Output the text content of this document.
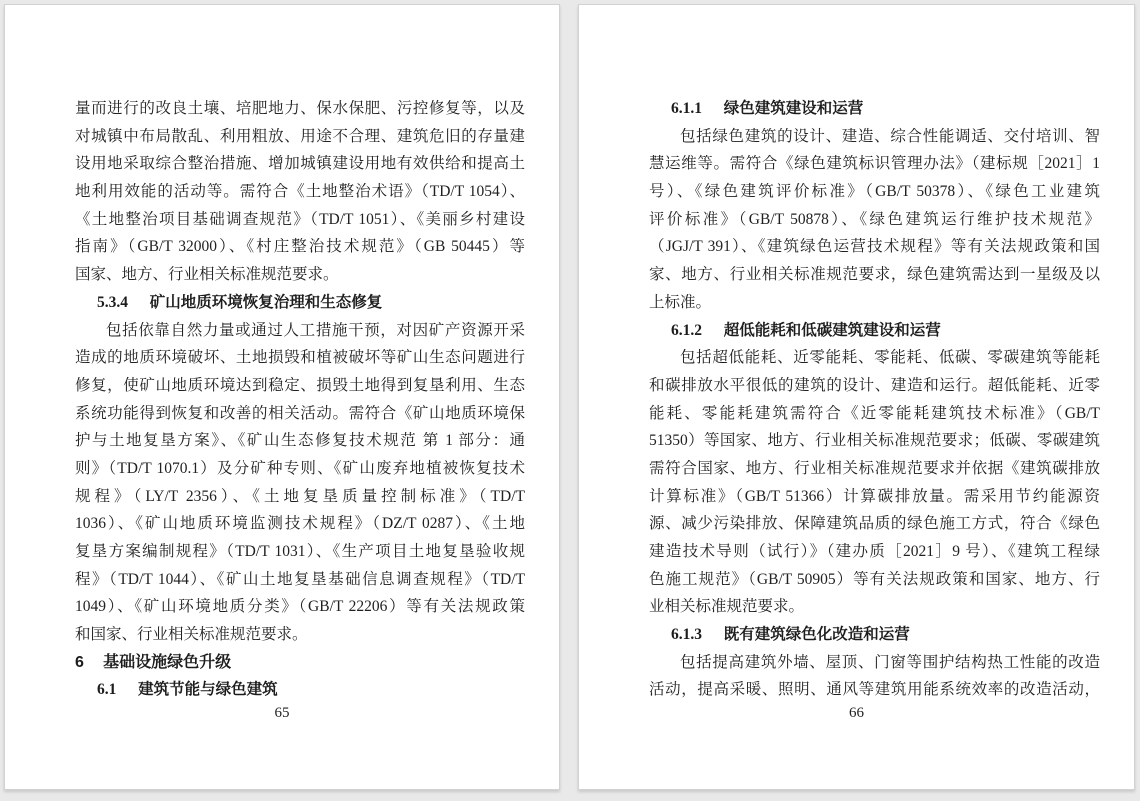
量而进行的改良土壤、培肥地力、保水保肥、污控修复等，以及
对城镇中布局散乱、利用粗放、用途不合理、建筑危旧的存量建
设用地采取综合整治措施、增加城镇建设用地有效供给和提高土
地利用效能的活动等。需符合《土地整治术语》（TD/T 1054）、
《土地整治项目基础调查规范》（TD/T 1051）、《美丽乡村建设
指南》（GB/T 32000）、《村庄整治技术规范》（GB 50445）等
国家、地方、行业相关标准规范要求。
5.3.4 矿山地质环境恢复治理和生态修复
包括依靠自然力量或通过人工措施干预，对因矿产资源开采
造成的地质环境破坏、土地损毁和植被破坏等矿山生态问题进行
修复，使矿山地质环境达到稳定、损毁土地得到复垦利用、生态
系统功能得到恢复和改善的相关活动。需符合《矿山地质环境保
护与土地复垦方案》、《矿山生态修复技术规范 第 1 部分：通
则》（TD/T 1070.1）及分矿种专则、《矿山废弃地植被恢复技术
规程》（LY/T 2356）、《土地复垦质量控制标准》（TD/T
1036）、《矿山地质环境监测技术规程》（DZ/T 0287）、《土地
复垦方案编制规程》（TD/T 1031）、《生产项目土地复垦验收规
程》（TD/T 1044）、《矿山土地复垦基础信息调查规程》（TD/T
1049）、《矿山环境地质分类》（GB/T 22206）等有关法规政策
和国家、行业相关标准规范要求。
6 基础设施绿色升级
6.1 建筑节能与绿色建筑
65
6.1.1 绿色建筑建设和运营
包括绿色建筑的设计、建造、综合性能调适、交付培训、智
慧运维等。需符合《绿色建筑标识管理办法》（建标规［2021］1
号）、《绿色建筑评价标准》（GB/T 50378）、《绿色工业建筑
评价标准》（GB/T 50878）、《绿色建筑运行维护技术规范》
（JGJ/T 391）、《建筑绿色运营技术规程》等有关法规政策和国
家、地方、行业相关标准规范要求，绿色建筑需达到一星级及以
上标准。
6.1.2 超低能耗和低碳建筑建设和运营
包括超低能耗、近零能耗、零能耗、低碳、零碳建筑等能耗
和碳排放水平很低的建筑的设计、建造和运行。超低能耗、近零
能耗、零能耗建筑需符合《近零能耗建筑技术标准》（GB/T
51350）等国家、地方、行业相关标准规范要求；低碳、零碳建筑
需符合国家、地方、行业相关标准规范要求并依据《建筑碳排放
计算标准》（GB/T 51366）计算碳排放量。需采用节约能源资
源、减少污染排放、保障建筑品质的绿色施工方式，符合《绿色
建造技术导则（试行）》（建办质［2021］9 号）、《建筑工程绿
色施工规范》（GB/T 50905）等有关法规政策和国家、地方、行
业相关标准规范要求。
6.1.3 既有建筑绿色化改造和运营
包括提高建筑外墙、屋顶、门窗等围护结构热工性能的改造
活动，提高采暖、照明、通风等建筑用能系统效率的改造活动，
66
